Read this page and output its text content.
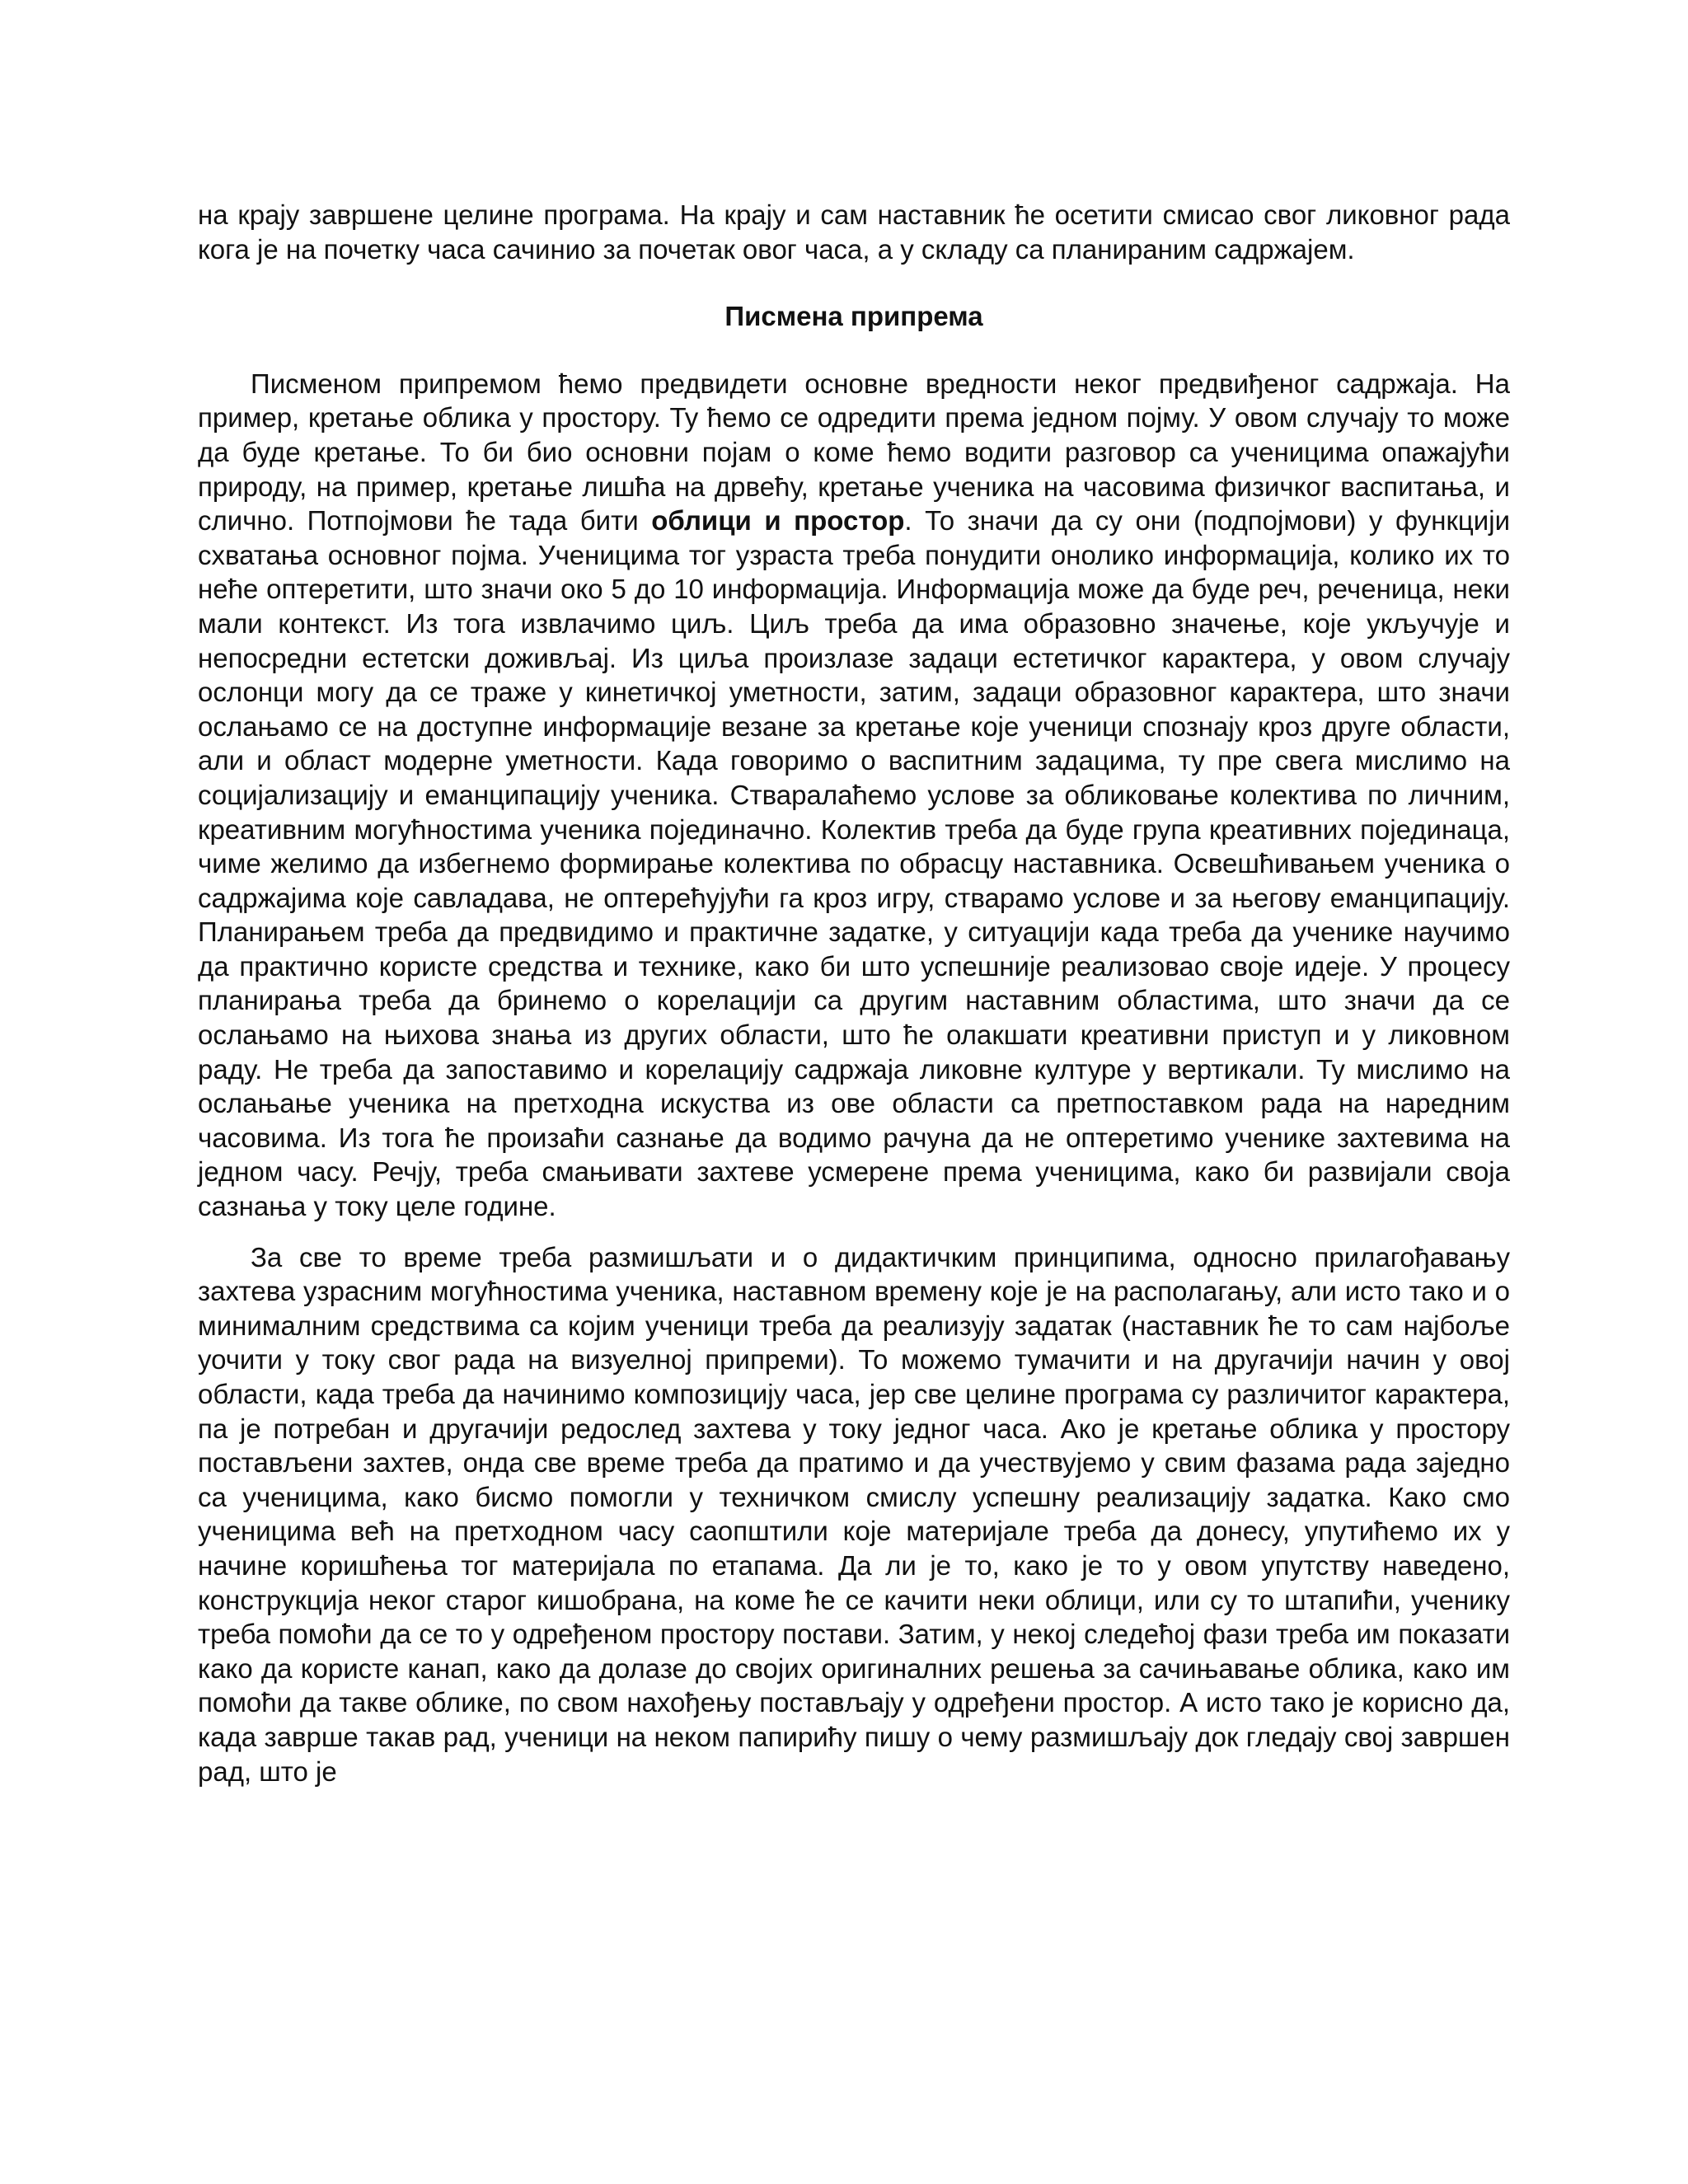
на крају завршене целине програма. На крају и сам наставник ће осетити смисао свог ликовног рада кога је на почетку часа сачинио за почетак овог часа, а у складу са планираним садржајем.

Писмена припрема

Писменом припремом ћемо предвидети основне вредности неког предвиђеног садржаја. На пример, кретање облика у простору. Ту ћемо се одредити према једном појму. У овом случају то може да буде кретање. То би био основни појам о коме ћемо водити разговор са ученицима опажајући природу, на пример, кретање лишћа на дрвећу, кретање ученика на часовима физичког васпитања, и слично. Потпојмови ће тада бити облици и простор. То значи да су они (подпојмови) у функцији схватања основног појма. Ученицима тог узраста треба понудити онолико информација, колико их то неће оптеретити, што значи око 5 до 10 информација. Информација може да буде реч, реченица, неки мали контекст. Из тога извлачимо циљ. Циљ треба да има образовно значење, које укључује и непосредни естетски доживљај. Из циља произлазе задаци естетичког карактера, у овом случају ослонци могу да се траже у кинетичкој уметности, затим, задаци образовног карактера, што значи ослањамо се на доступне информације везане за кретање које ученици спознају кроз друге области, али и област модерне уметности. Када говоримо о васпитним задацима, ту пре свега мислимо на социјализацију и еманципацију ученика. Стваралаћемо услове за обликовање колектива по личним, креативним могућностима ученика појединачно. Колектив треба да буде група креативних појединаца, чиме желимо да избегнемо формирање колектива по обрасцу наставника. Освешћивањем ученика о садржајима које савладава, не оптерећујући га кроз игру, стварамо услове и за његову еманципацију. Планирањем треба да предвидимо и практичне задатке, у ситуацији када треба да ученике научимо да практично користе средства и технике, како би што успешније реализовао своје идеје. У процесу планирања треба да бринемо о корелацији са другим наставним областима, што значи да се ослањамо на њихова знања из других области, што ће олакшати креативни приступ и у ликовном раду. Не треба да запоставимо и корелацију садржаја ликовне културе у вертикали. Ту мислимо на ослањање ученика на претходна искуства из ове области са претпоставком рада на наредним часовима. Из тога ће произаћи сазнање да водимо рачуна да не оптеретимо ученике захтевима на једном часу. Речју, треба смањивати захтеве усмерене према ученицима, како би развијали своја сазнања у току целе године.

За све то време треба размишљати и о дидактичким принципима, односно прилагођавању захтева узрасним могућностима ученика, наставном времену које је на располагању, али исто тако и о минималним средствима са којим ученици треба да реализују задатак (наставник ће то сам најбоље уочити у току свог рада на визуелној припреми). То можемо тумачити и на другачији начин у овој области, када треба да начинимо композицију часа, јер све целине програма су различитог карактера, па је потребан и другачији редослед захтева у току једног часа. Ако је кретање облика у простору постављени захтев, онда све време треба да пратимо и да учествујемо у свим фазама рада заједно са ученицима, како бисмо помогли у техничком смислу успешну реализацију задатка. Како смо ученицима већ на претходном часу саопштили које материјале треба да донесу, упутићемо их у начине коришћења тог материјала по етапама. Да ли је то, како је то у овом упутству наведено, конструкција неког старог кишобрана, на коме ће се качити неки облици, или су то штапићи, ученику треба помоћи да се то у одређеном простору постави. Затим, у некој следећој фази треба им показати како да користе канап, како да долазе до својих оригиналних решења за сачињавање облика, како им помоћи да такве облике, по свом нахођењу постављају у одређени простор. А исто тако је корисно да, када заврше такав рад, ученици на неком папирићу пишу о чему размишљају док гледају свој завршен рад, што је
